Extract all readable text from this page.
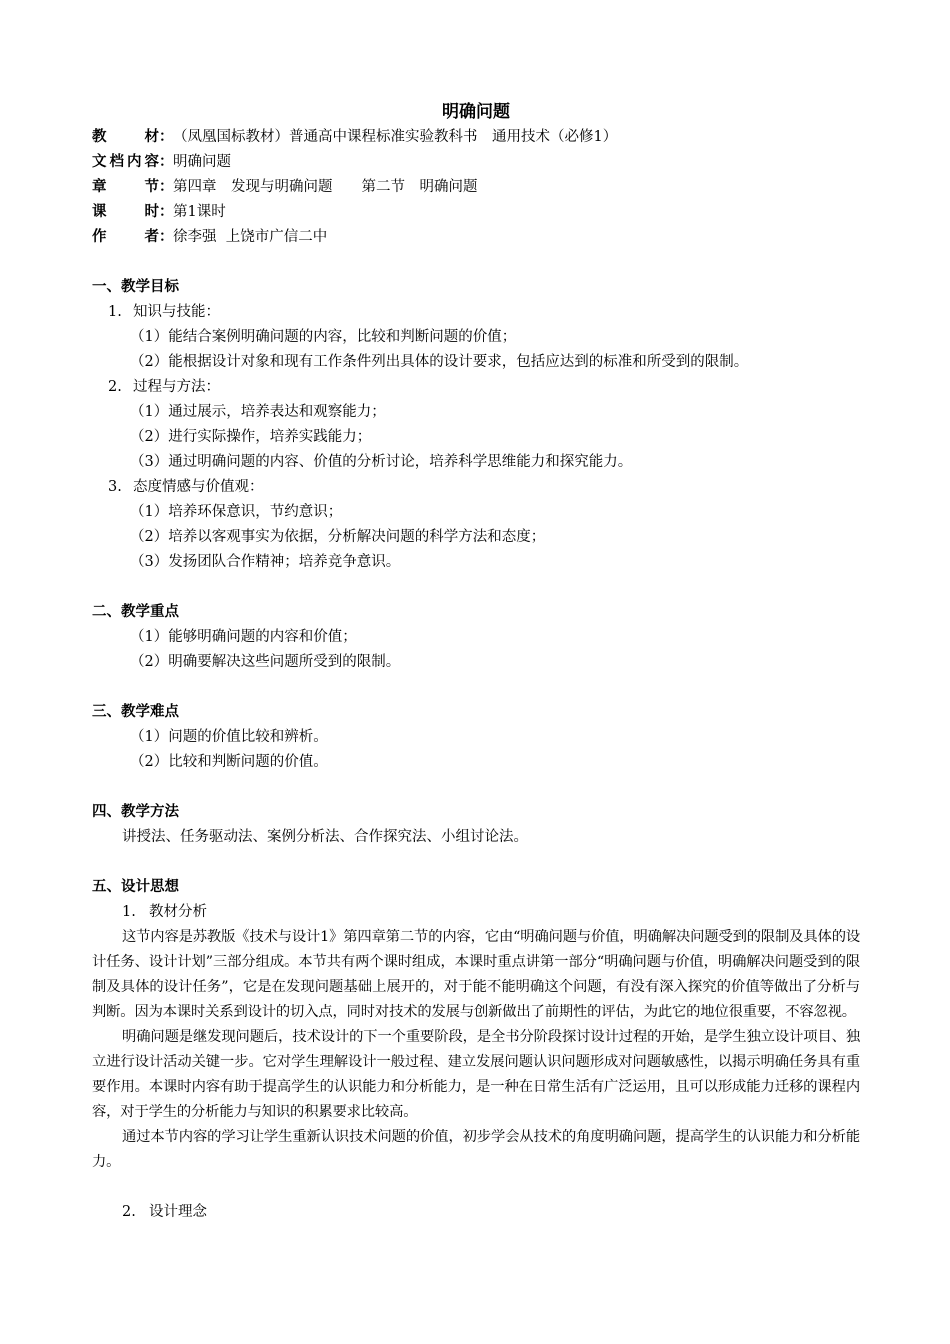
明确问题
教	材 ： （凤凰国标教材）普通高中课程标准实验教科书　通用技术（必修1）
文 档 内 容 ： 明确问题
章	节 ： 第四章　发现与明确问题　　第二节　明确问题
课	时 ： 第1课时
作	者 ： 徐李强  上饶市广信二中
一、教学目标
1. 知识与技能：
（1）能结合案例明确问题的内容，比较和判断问题的价值；
（2）能根据设计对象和现有工作条件列出具体的设计要求，包括应达到的标准和所受到的限制。
2. 过程与方法：
（1）通过展示，培养表达和观察能力；
（2）进行实际操作，培养实践能力；
（3）通过明确问题的内容、价值的分析讨论，培养科学思维能力和探究能力。
3. 态度情感与价值观：
（1）培养环保意识，节约意识；
（2）培养以客观事实为依据，分析解决问题的科学方法和态度；
（3）发扬团队合作精神；培养竞争意识。
二、教学重点
（1）能够明确问题的内容和价值；
（2）明确要解决这些问题所受到的限制。
三、教学难点
（1）问题的价值比较和辨析。
（2）比较和判断问题的价值。
四、教学方法
讲授法、任务驱动法、案例分析法、合作探究法、小组讨论法。
五、设计思想
1. 教材分析

这节内容是苏教版《技术与设计1》第四章第二节的内容，它由“明确问题与价值，明确解决问题受到的限制及具体的设计任务、设计计划”三部分组成。本节共有两个课时组成，本课时重点讲第一部分“明确问题与价值，明确解决问题受到的限制及具体的设计任务”，它是在发现问题基础上展开的，对于能不能明确这个问题，有没有深入探究的价值等做出了分析与判断。因为本课时关系到设计的切入点，同时对技术的发展与创新做出了前期性的评估，为此它的地位很重要，不容忽视。

明确问题是继发现问题后，技术设计的下一个重要阶段，是全书分阶段探讨设计过程的开始，是学生独立设计项目、独立进行设计活动关键一步。它对学生理解设计一般过程、建立发展问题认识问题形成对问题敏感性，以揭示明确任务具有重要作用。本课时内容有助于提高学生的认识能力和分析能力，是一种在日常生活有广泛运用，且可以形成能力迁移的课程内容，对于学生的分析能力与知识的积累要求比较高。

通过本节内容的学习让学生重新认识技术问题的价值，初步学会从技术的角度明确问题，提高学生的认识能力和分析能力。

2. 设计理念
